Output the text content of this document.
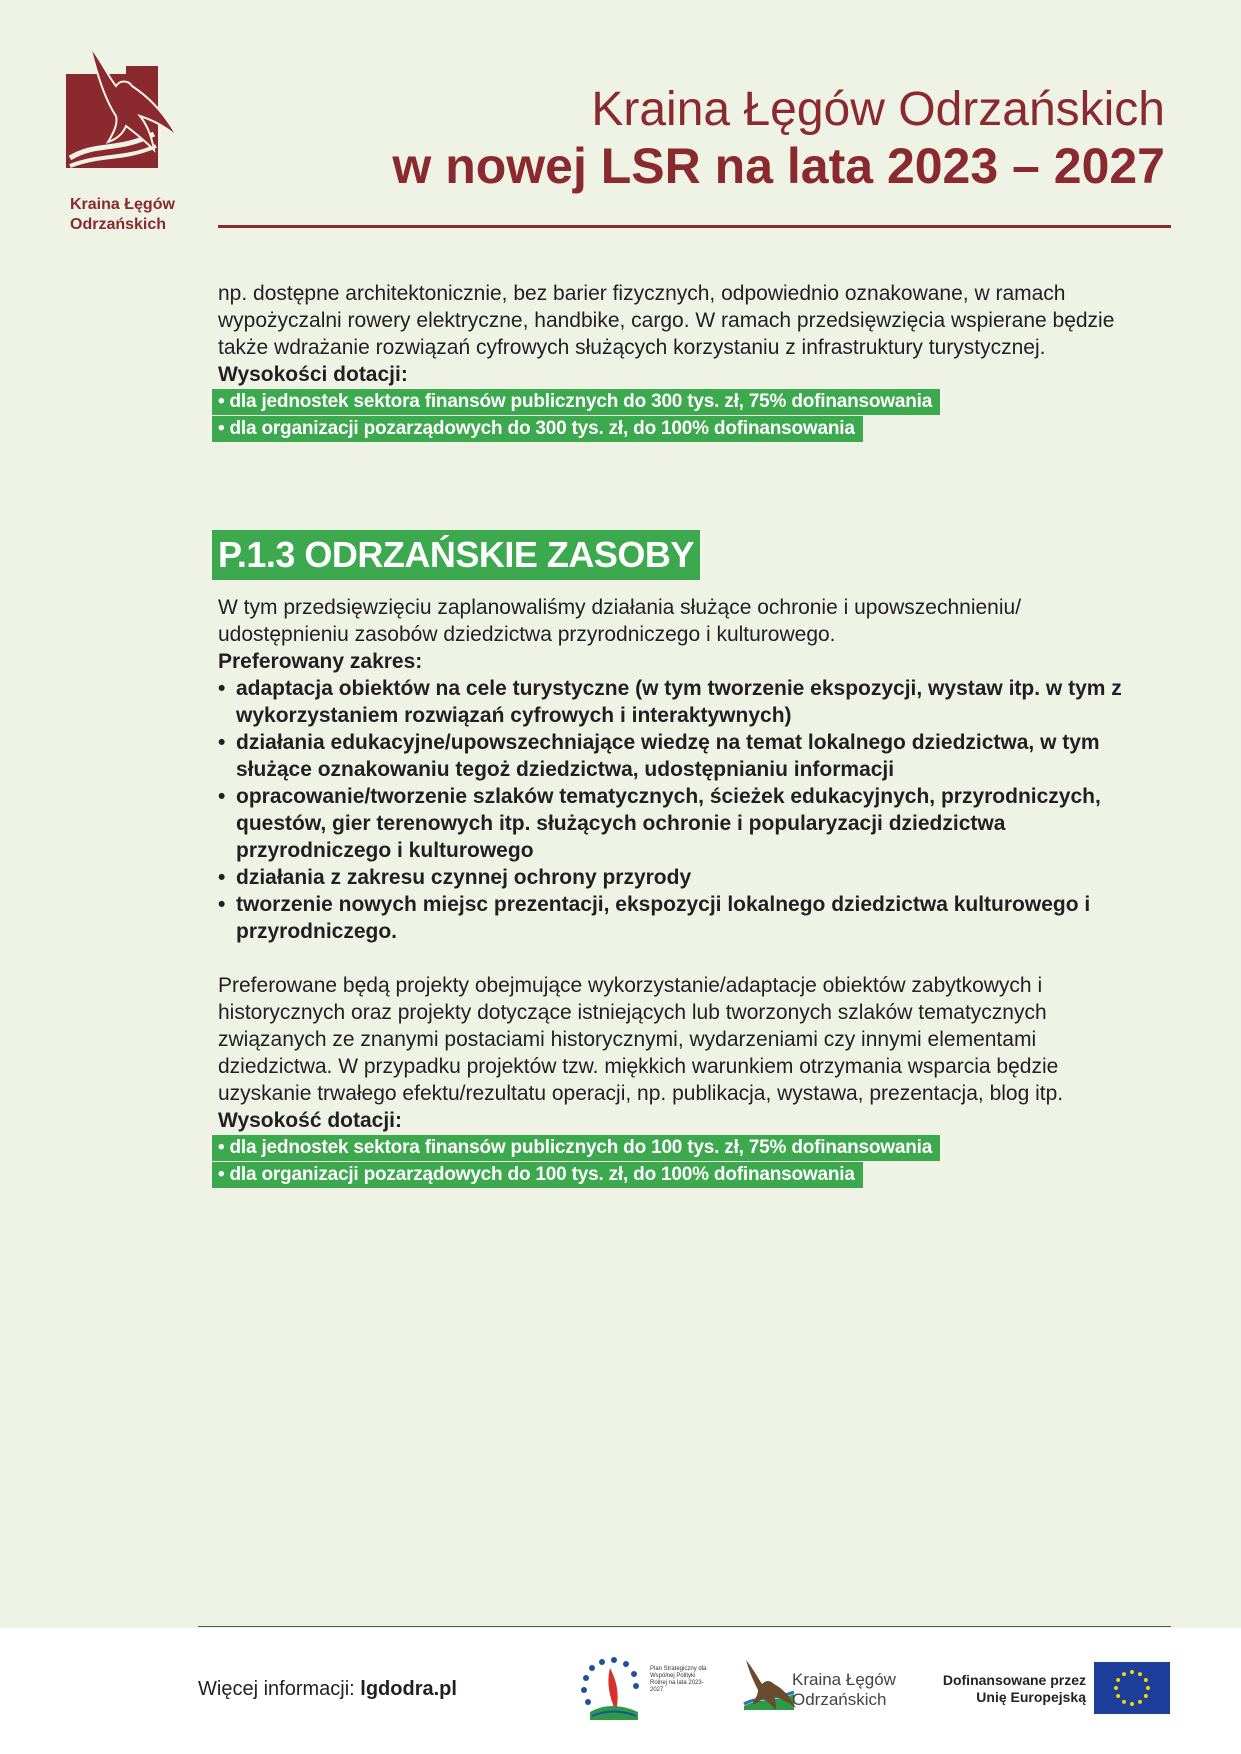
Kraina Łęgów
Odrzańskich
Kraina Łęgów Odrzańskich
w nowej LSR na lata 2023 – 2027

np. dostępne architektonicznie, bez barier fizycznych, odpowiednio oznakowane, w ramach wypożyczalni rowery elektryczne, handbike, cargo. W ramach przedsięwzięcia wspierane będzie także wdrażanie rozwiązań cyfrowych służących korzystaniu z infrastruktury turystycznej.

Wysokości dotacji:

• dla jednostek sektora finansów publicznych do 300 tys. zł, 75% dofinansowania
• dla organizacji pozarządowych do 300 tys. zł, do 100% dofinansowania
P.1.3 ODRZAŃSKIE ZASOBY

W tym przedsięwzięciu zaplanowaliśmy działania służące ochronie i upowszechnieniu/ udostępnieniu zasobów dziedzictwa przyrodniczego i kulturowego.

Preferowany zakres:

• adaptacja obiektów na cele turystyczne (w tym tworzenie ekspozycji, wystaw itp. w tym z wykorzystaniem rozwiązań cyfrowych i interaktywnych)
• działania edukacyjne/upowszechniające wiedzę na temat lokalnego dziedzictwa, w tym służące oznakowaniu tegoż dziedzictwa, udostępnianiu informacji
• opracowanie/tworzenie szlaków tematycznych, ścieżek edukacyjnych, przyrodniczych, questów, gier terenowych itp. służących ochronie i popularyzacji dziedzictwa przyrodniczego i kulturowego
• działania z zakresu czynnej ochrony przyrody
• tworzenie nowych miejsc prezentacji, ekspozycji lokalnego dziedzictwa kulturowego i przyrodniczego.

Preferowane będą projekty obejmujące wykorzystanie/adaptacje obiektów zabytkowych i historycznych oraz projekty dotyczące istniejących lub tworzonych szlaków tematycznych związanych ze znanymi postaciami historycznymi, wydarzeniami czy innymi elementami dziedzictwa. W przypadku projektów tzw. miękkich warunkiem otrzymania wsparcia będzie uzyskanie trwałego efektu/rezultatu operacji, np. publikacja, wystawa, prezentacja, blog itp.

Wysokość dotacji:

• dla jednostek sektora finansów publicznych do 100 tys. zł, 75% dofinansowania
• dla organizacji pozarządowych do 100 tys. zł, do 100% dofinansowania
Więcej informacji: lgdodra.pl
Plan Strategiczny dla Wspólnej Polityki Rolnej na lata 2023-2027
Kraina Łęgów
Odrzańskich
Dofinansowane przez
Unię Europejską
